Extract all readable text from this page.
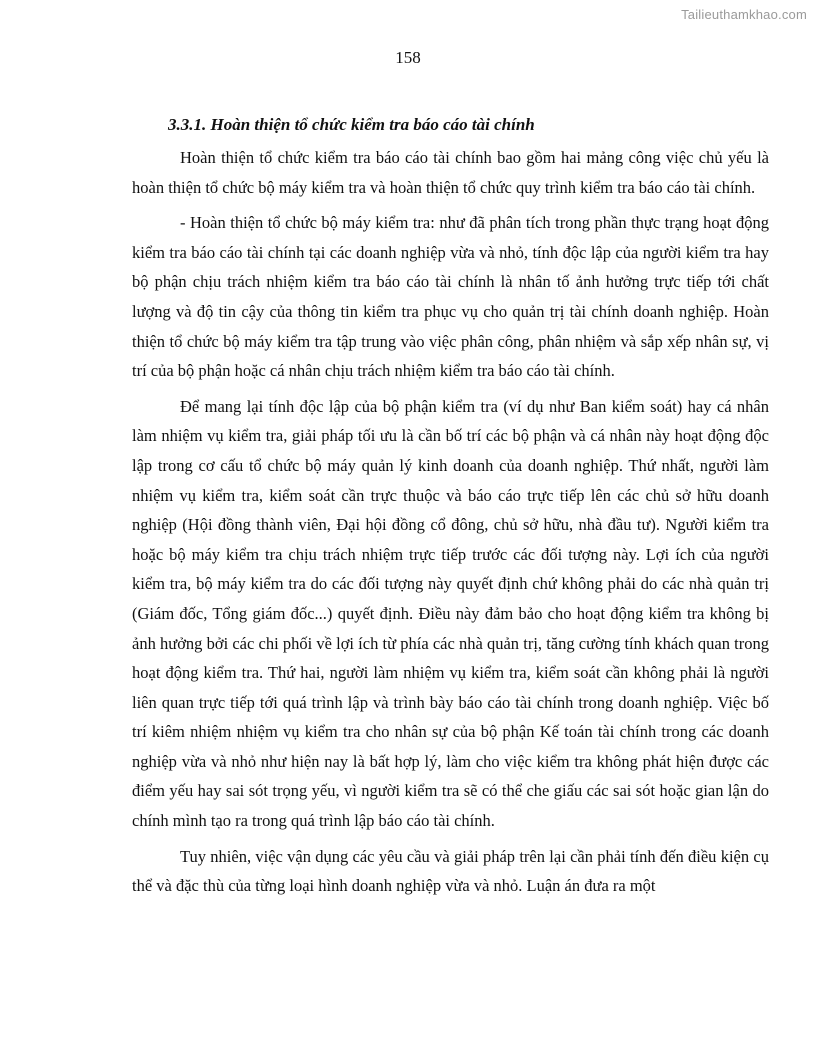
Tailieuthamkhao.com
158
3.3.1. Hoàn thiện tổ chức kiểm tra báo cáo tài chính

Hoàn thiện tổ chức kiểm tra báo cáo tài chính bao gồm hai mảng công việc chủ yếu là hoàn thiện tổ chức bộ máy kiểm tra và hoàn thiện tổ chức quy trình kiểm tra báo cáo tài chính.

- Hoàn thiện tổ chức bộ máy kiểm tra: như đã phân tích trong phần thực trạng hoạt động kiểm tra báo cáo tài chính tại các doanh nghiệp vừa và nhỏ, tính độc lập của người kiểm tra hay bộ phận chịu trách nhiệm kiểm tra báo cáo tài chính là nhân tố ảnh hưởng trực tiếp tới chất lượng và độ tin cậy của thông tin kiểm tra phục vụ cho quản trị tài chính doanh nghiệp. Hoàn thiện tổ chức bộ máy kiểm tra tập trung vào việc phân công, phân nhiệm và sắp xếp nhân sự, vị trí của bộ phận hoặc cá nhân chịu trách nhiệm kiểm tra báo cáo tài chính.

Để mang lại tính độc lập của bộ phận kiểm tra (ví dụ như Ban kiểm soát) hay cá nhân làm nhiệm vụ kiểm tra, giải pháp tối ưu là cần bố trí các bộ phận và cá nhân này hoạt động độc lập trong cơ cấu tổ chức bộ máy quản lý kinh doanh của doanh nghiệp. Thứ nhất, người làm nhiệm vụ kiểm tra, kiểm soát cần trực thuộc và báo cáo trực tiếp lên các chủ sở hữu doanh nghiệp (Hội đồng thành viên, Đại hội đồng cổ đông, chủ sở hữu, nhà đầu tư). Người kiểm tra hoặc bộ máy kiểm tra chịu trách nhiệm trực tiếp trước các đối tượng này. Lợi ích của người kiểm tra, bộ máy kiểm tra do các đối tượng này quyết định chứ không phải do các nhà quản trị (Giám đốc, Tổng giám đốc...) quyết định. Điều này đảm bảo cho hoạt động kiểm tra không bị ảnh hưởng bởi các chi phối về lợi ích từ phía các nhà quản trị, tăng cường tính khách quan trong hoạt động kiểm tra. Thứ hai, người làm nhiệm vụ kiểm tra, kiểm soát cần không phải là người liên quan trực tiếp tới quá trình lập và trình bày báo cáo tài chính trong doanh nghiệp. Việc bố trí kiêm nhiệm nhiệm vụ kiểm tra cho nhân sự của bộ phận Kế toán tài chính trong các doanh nghiệp vừa và nhỏ như hiện nay là bất hợp lý, làm cho việc kiểm tra không phát hiện được các điểm yếu hay sai sót trọng yếu, vì người kiểm tra sẽ có thể che giấu các sai sót hoặc gian lận do chính mình tạo ra trong quá trình lập báo cáo tài chính.

Tuy nhiên, việc vận dụng các yêu cầu và giải pháp trên lại cần phải tính đến điều kiện cụ thể và đặc thù của từng loại hình doanh nghiệp vừa và nhỏ. Luận án đưa ra một
